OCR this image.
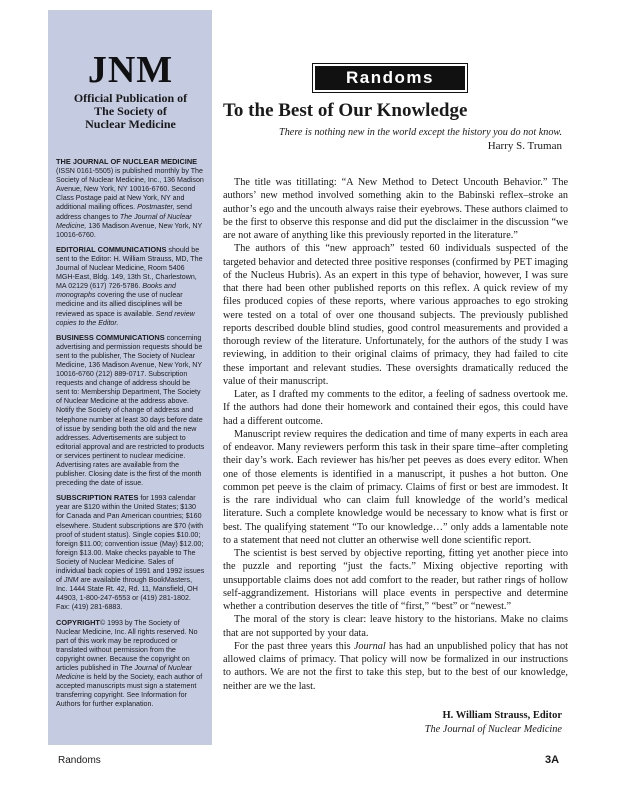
JNM
Official Publication of
The Society of
Nuclear Medicine

THE JOURNAL OF NUCLEAR MEDICINE (ISSN 0161-5505) is published monthly by The Society of Nuclear Medicine, Inc., 136 Madison Avenue, New York, NY 10016-6760. Second Class Postage paid at New York, NY and additional mailing offices. Postmaster, send address changes to The Journal of Nuclear Medicine, 136 Madison Avenue, New York, NY 10016-6760.

EDITORIAL COMMUNICATIONS should be sent to the Editor: H. William Strauss, MD, The Journal of Nuclear Medicine, Room 5406 MGH-East, Bldg. 149, 13th St., Charlestown, MA 02129 (617) 726-5786. Books and monographs covering the use of nuclear medicine and its allied disciplines will be reviewed as space is available. Send review copies to the Editor.

BUSINESS COMMUNICATIONS concerning advertising and permission requests should be sent to the publisher, The Society of Nuclear Medicine, 136 Madison Avenue, New York, NY 10016-6760 (212) 889-0717. Subscription requests and change of address should be sent to: Membership Department, The Society of Nuclear Medicine at the address above. Notify the Society of change of address and telephone number at least 30 days before date of issue by sending both the old and the new addresses. Advertisements are subject to editorial approval and are restricted to products or services pertinent to nuclear medicine. Advertising rates are available from the publisher. Closing date is the first of the month preceding the date of issue.

SUBSCRIPTION RATES for 1993 calendar year are $120 within the United States; $130 for Canada and Pan American countries; $160 elsewhere. Student subscriptions are $70 (with proof of student status). Single copies $10.00; foreign $11.00; convention issue (May) $12.00; foreign $13.00. Make checks payable to The Society of Nuclear Medicine. Sales of individual back copies of 1991 and 1992 issues of JNM are available through BookMasters, Inc. 1444 State Rt. 42, Rd. 11, Mansfield, OH 44903, 1-800-247-6553 or (419) 281-1802. Fax: (419) 281-6883.

COPYRIGHT© 1993 by The Society of Nuclear Medicine, Inc. All rights reserved. No part of this work may be reproduced or translated without permission from the copyright owner. Because the copyright on articles published in The Journal of Nuclear Medicine is held by the Society, each author of accepted manuscripts must sign a statement transferring copyright. See Information for Authors for further explanation.

Randoms
To the Best of Our Knowledge
There is nothing new in the world except the history you do not know.
Harry S. Truman

The title was titillating: “A New Method to Detect Uncouth Behavior.” The authors’ new method involved something akin to the Babinski reflex–stroke an author’s ego and the uncouth always raise their eyebrows. These authors claimed to be the first to observe this response and did put the disclaimer in the discussion “we are not aware of anything like this previously reported in the literature.”

The authors of this “new approach” tested 60 individuals suspected of the targeted behavior and detected three positive responses (confirmed by PET imaging of the Nucleus Hubris). As an expert in this type of behavior, however, I was sure that there had been other published reports on this reflex. A quick review of my files produced copies of these reports, where various approaches to ego stroking were tested on a total of over one thousand subjects. The previously published reports described double blind studies, good control measurements and provided a thorough review of the literature. Unfortunately, for the authors of the study I was reviewing, in addition to their original claims of primacy, they had failed to cite these important and relevant studies. These oversights dramatically reduced the value of their manuscript.

Later, as I drafted my comments to the editor, a feeling of sadness overtook me. If the authors had done their homework and contained their egos, this could have had a different outcome.

Manuscript review requires the dedication and time of many experts in each area of endeavor. Many reviewers perform this task in their spare time–after completing their day’s work. Each reviewer has his/her pet peeves as does every editor. When one of those elements is identified in a manuscript, it pushes a hot button. One common pet peeve is the claim of primacy. Claims of first or best are immodest. It is the rare individual who can claim full knowledge of the world’s medical literature. Such a complete knowledge would be necessary to know what is first or best. The qualifying statement “To our knowledge…” only adds a lamentable note to a statement that need not clutter an otherwise well done scientific report.

The scientist is best served by objective reporting, fitting yet another piece into the puzzle and reporting “just the facts.” Mixing objective reporting with unsupportable claims does not add comfort to the reader, but rather rings of hollow self-aggrandizement. Historians will place events in perspective and determine whether a contribution deserves the title of “first,” “best” or “newest.”

The moral of the story is clear: leave history to the historians. Make no claims that are not supported by your data.

For the past three years this Journal has had an unpublished policy that has not allowed claims of primacy. That policy will now be formalized in our instructions to authors. We are not the first to take this step, but to the best of our knowledge, neither are we the last.

H. William Strauss, Editor
The Journal of Nuclear Medicine
Randoms	3A
